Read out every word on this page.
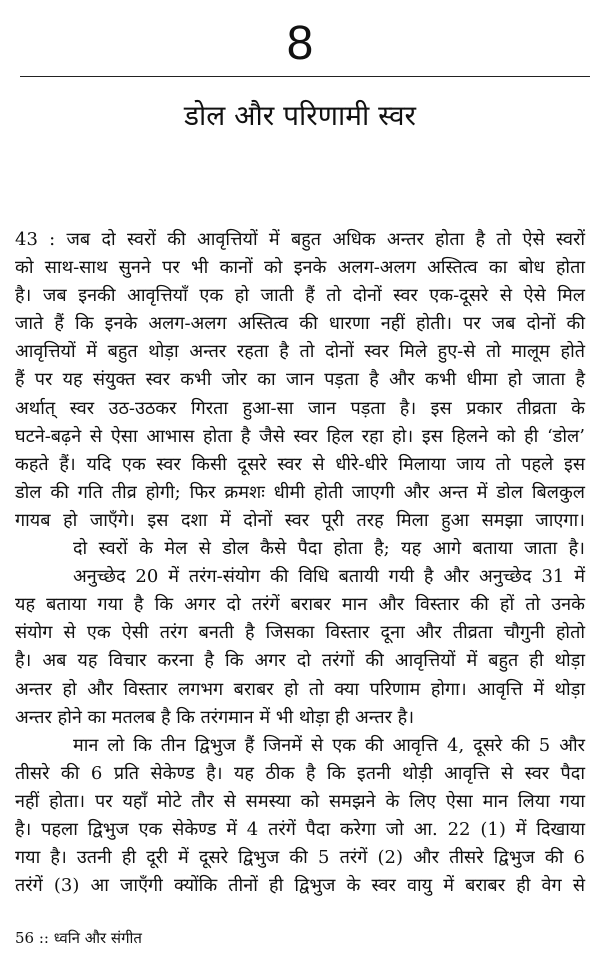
8
डोल और परिणामी स्वर
43 : जब दो स्वरों की आवृत्तियों में बहुत अधिक अन्तर होता है तो ऐसे स्वरों
को साथ-साथ सुनने पर भी कानों को इनके अलग-अलग अस्तित्व का बोध होता
है। जब इनकी आवृत्तियाँ एक हो जाती हैं तो दोनों स्वर एक-दूसरे से ऐसे मिल
जाते हैं कि इनके अलग-अलग अस्तित्व की धारणा नहीं होती। पर जब दोनों की
आवृत्तियों में बहुत थोड़ा अन्तर रहता है तो दोनों स्वर मिले हुए-से तो मालूम होते
हैं पर यह संयुक्त स्वर कभी जोर का जान पड़ता है और कभी धीमा हो जाता है
अर्थात् स्वर उठ-उठकर गिरता हुआ-सा जान पड़ता है। इस प्रकार तीव्रता के
घटने-बढ़ने से ऐसा आभास होता है जैसे स्वर हिल रहा हो। इस हिलने को ही ‘डोल’
कहते हैं। यदि एक स्वर किसी दूसरे स्वर से धीरे-धीरे मिलाया जाय तो पहले इस
डोल की गति तीव्र होगी; फिर क्रमशः धीमी होती जाएगी और अन्त में डोल बिलकुल
गायब हो जाएँगे। इस दशा में दोनों स्वर पूरी तरह मिला हुआ समझा जाएगा।
दो स्वरों के मेल से डोल कैसे पैदा होता है; यह आगे बताया जाता है।
अनुच्छेद 20 में तरंग-संयोग की विधि बतायी गयी है और अनुच्छेद 31 में
यह बताया गया है कि अगर दो तरंगें बराबर मान और विस्तार की हों तो उनके
संयोग से एक ऐसी तरंग बनती है जिसका विस्तार दूना और तीव्रता चौगुनी होतो
है। अब यह विचार करना है कि अगर दो तरंगों की आवृत्तियों में बहुत ही थोड़ा
अन्तर हो और विस्तार लगभग बराबर हो तो क्या परिणाम होगा। आवृत्ति में थोड़ा
अन्तर होने का मतलब है कि तरंगमान में भी थोड़ा ही अन्तर है।
मान लो कि तीन द्विभुज हैं जिनमें से एक की आवृत्ति 4, दूसरे की 5 और
तीसरे की 6 प्रति सेकेण्ड है। यह ठीक है कि इतनी थोड़ी आवृत्ति से स्वर पैदा
नहीं होता। पर यहाँ मोटे तौर से समस्या को समझने के लिए ऐसा मान लिया गया
है। पहला द्विभुज एक सेकेण्ड में 4 तरंगें पैदा करेगा जो आ. 22 (1) में दिखाया
गया है। उतनी ही दूरी में दूसरे द्विभुज की 5 तरंगें (2) और तीसरे द्विभुज की 6
तरंगें (3) आ जाएँगी क्योंकि तीनों ही द्विभुज के स्वर वायु में बराबर ही वेग से
56 :: ध्वनि और संगीत
